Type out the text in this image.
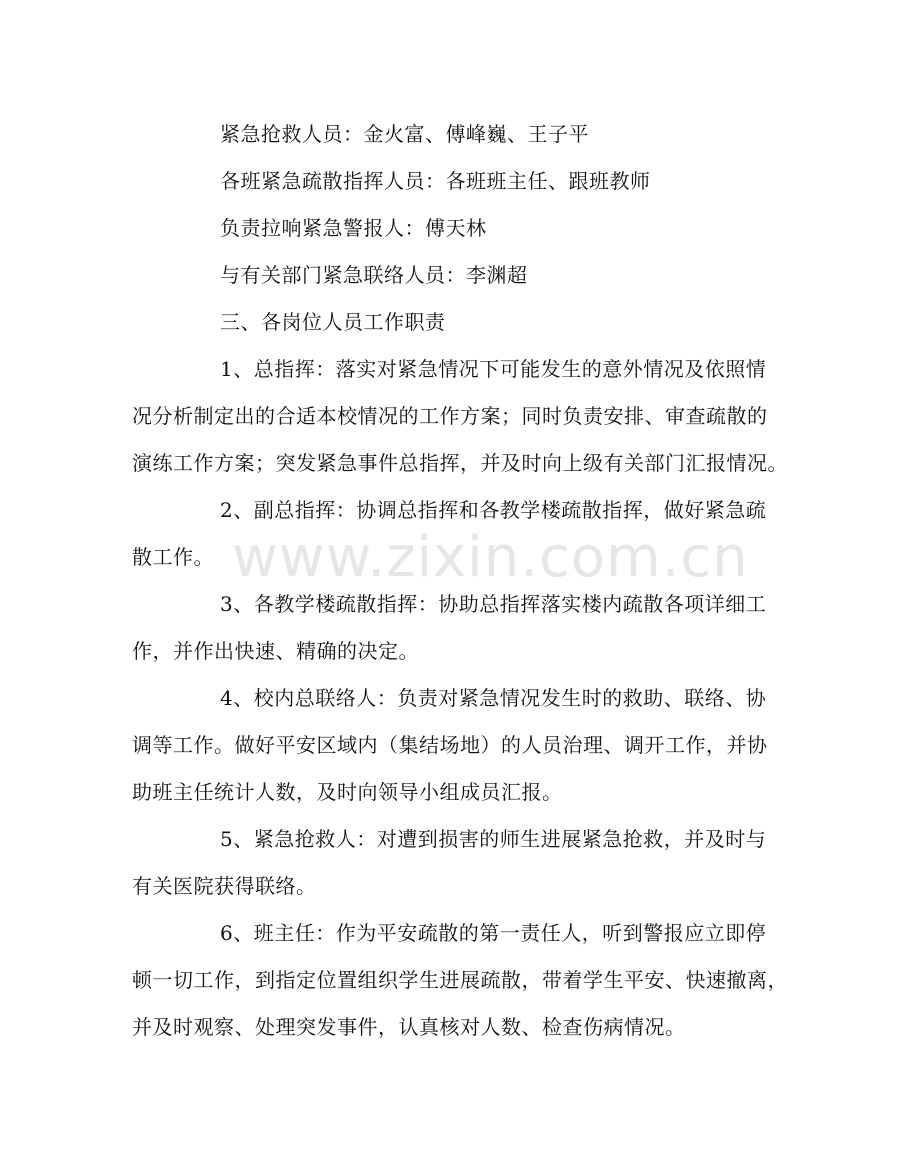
紧急抢救人员：金火富、傅峰巍、王子平
各班紧急疏散指挥人员：各班班主任、跟班教师
负责拉响紧急警报人：傅天林
与有关部门紧急联络人员：李渊超
三、各岗位人员工作职责
1、总指挥：落实对紧急情况下可能发生的意外情况及依照情
况分析制定出的合适本校情况的工作方案；同时负责安排、审查疏散的
演练工作方案；突发紧急事件总指挥，并及时向上级有关部门汇报情况。
2、副总指挥：协调总指挥和各教学楼疏散指挥，做好紧急疏
散工作。
3、各教学楼疏散指挥：协助总指挥落实楼内疏散各项详细工
作，并作出快速、精确的决定。
4、校内总联络人：负责对紧急情况发生时的救助、联络、协
调等工作。做好平安区域内（集结场地）的人员治理、调开工作，并协
助班主任统计人数，及时向领导小组成员汇报。
5、紧急抢救人：对遭到损害的师生进展紧急抢救，并及时与
有关医院获得联络。
6、班主任：作为平安疏散的第一责任人，听到警报应立即停
顿一切工作，到指定位置组织学生进展疏散，带着学生平安、快速撤离，
并及时观察、处理突发事件，认真核对人数、检查伤病情况。
www.zixin.com.cn
